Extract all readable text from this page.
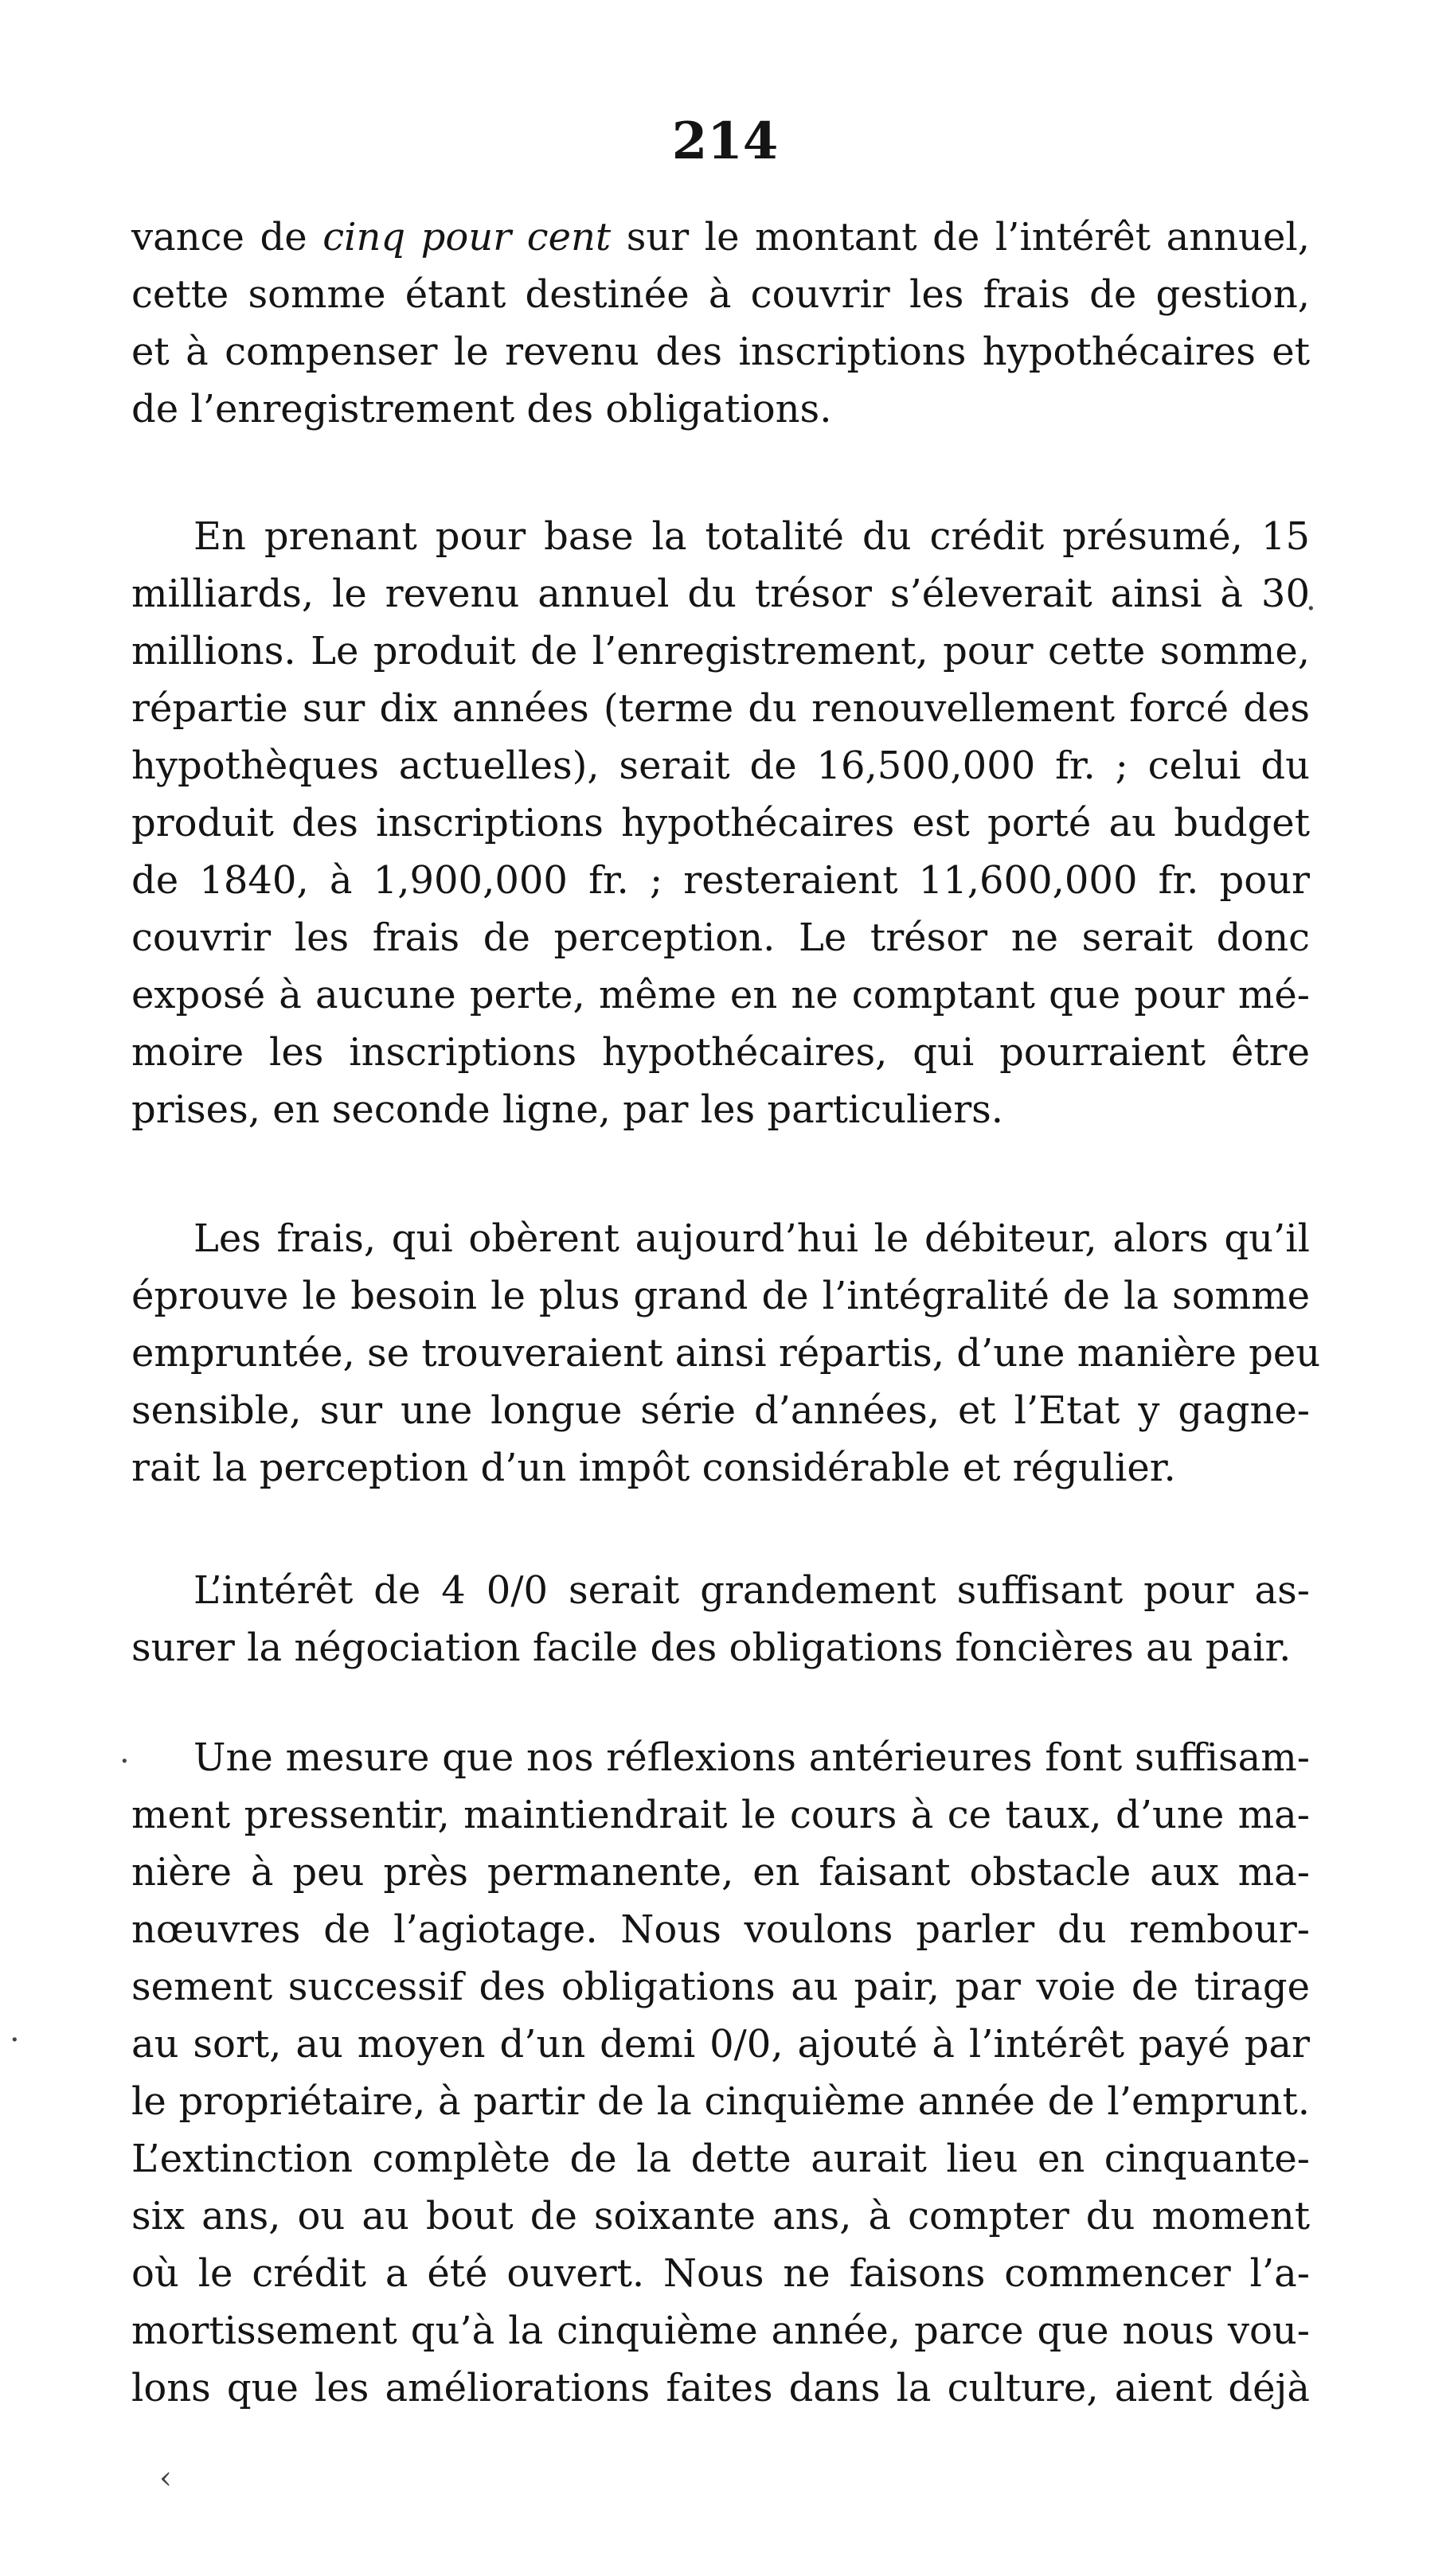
214
vance de cinq pour cent sur le montant de l’intérêt annuel,
cette somme étant destinée à couvrir les frais de gestion,
et à compenser le revenu des inscriptions hypothécaires et
de l’enregistrement des obligations.
En prenant pour base la totalité du crédit présumé, 15
milliards, le revenu annuel du trésor s’éleverait ainsi à 30
millions. Le produit de l’enregistrement, pour cette somme,
répartie sur dix années (terme du renouvellement forcé des
hypothèques actuelles), serait de 16,500,000 fr. ; celui du
produit des inscriptions hypothécaires est porté au budget
de 1840, à 1,900,000 fr. ; resteraient 11,600,000 fr. pour
couvrir les frais de perception. Le trésor ne serait donc
exposé à aucune perte, même en ne comptant que pour mé-
moire les inscriptions hypothécaires, qui pourraient être
prises, en seconde ligne, par les particuliers.
Les frais, qui obèrent aujourd’hui le débiteur, alors qu’il
éprouve le besoin le plus grand de l’intégralité de la somme
empruntée, se trouveraient ainsi répartis, d’une manière peu
sensible, sur une longue série d’années, et l’Etat y gagne-
rait la perception d’un impôt considérable et régulier.
L’intérêt de 4 0/0 serait grandement suffisant pour as-
surer la négociation facile des obligations foncières au pair.
Une mesure que nos réflexions antérieures font suffisam-
ment pressentir, maintiendrait le cours à ce taux, d’une ma-
nière à peu près permanente, en faisant obstacle aux ma-
nœuvres de l’agiotage. Nous voulons parler du rembour-
sement successif des obligations au pair, par voie de tirage
au sort, au moyen d’un demi 0/0, ajouté à l’intérêt payé par
le propriétaire, à partir de la cinquième année de l’emprunt.
L’extinction complète de la dette aurait lieu en cinquante-
six ans, ou au bout de soixante ans, à compter du moment
où le crédit a été ouvert. Nous ne faisons commencer l’a-
mortissement qu’à la cinquième année, parce que nous vou-
lons que les améliorations faites dans la culture, aient déjà
·
·
·
‹
